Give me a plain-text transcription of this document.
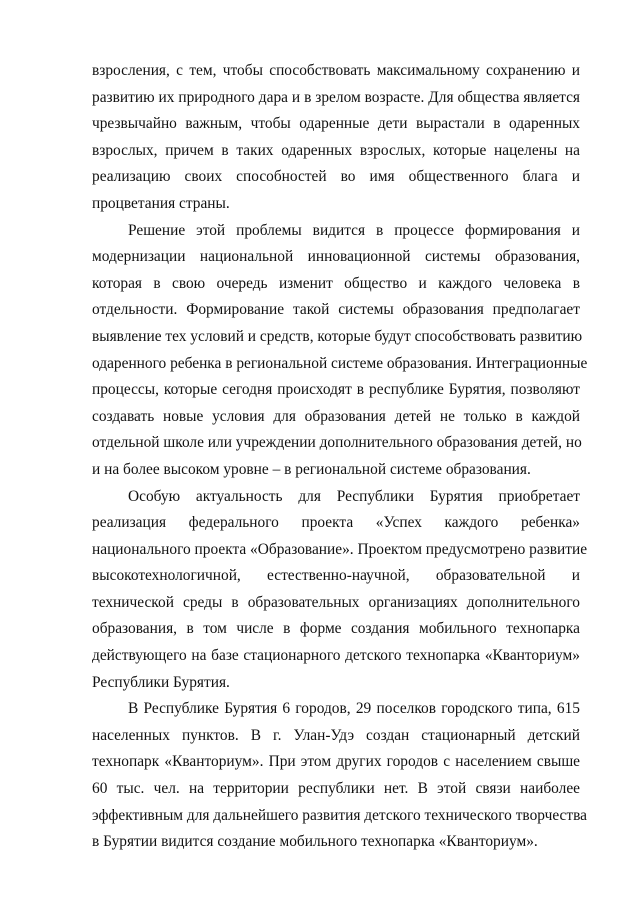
взросления, с тем, чтобы способствовать максимальному сохранению и
развитию их природного дара и в зрелом возрасте. Для общества является
чрезвычайно важным, чтобы одаренные дети вырастали в одаренных
взрослых, причем в таких одаренных взрослых, которые нацелены на
реализацию своих способностей во имя общественного блага и
процветания страны.
Решение этой проблемы видится в процессе формирования и
модернизации национальной инновационной системы образования,
которая в свою очередь изменит общество и каждого человека в
отдельности. Формирование такой системы образования предполагает
выявление тех условий и средств, которые будут способствовать развитию
одаренного ребенка в региональной системе образования. Интеграционные
процессы, которые сегодня происходят в республике Бурятия, позволяют
создавать новые условия для образования детей не только в каждой
отдельной школе или учреждении дополнительного образования детей, но
и на более высоком уровне – в региональной системе образования.
Особую актуальность для Республики Бурятия приобретает
реализация федерального проекта «Успех каждого ребенка»
национального проекта «Образование». Проектом предусмотрено развитие
высокотехнологичной, естественно-научной, образовательной и
технической среды в образовательных организациях дополнительного
образования, в том числе в форме создания мобильного технопарка
действующего на базе стационарного детского технопарка «Кванториум»
Республики Бурятия.
В Республике Бурятия 6 городов, 29 поселков городского типа, 615
населенных пунктов. В г. Улан-Удэ создан стационарный детский
технопарк «Кванториум». При этом других городов с населением свыше
60 тыс. чел. на территории республики нет. В этой связи наиболее
эффективным для дальнейшего развития детского технического творчества
в Бурятии видится создание мобильного технопарка «Кванториум».
